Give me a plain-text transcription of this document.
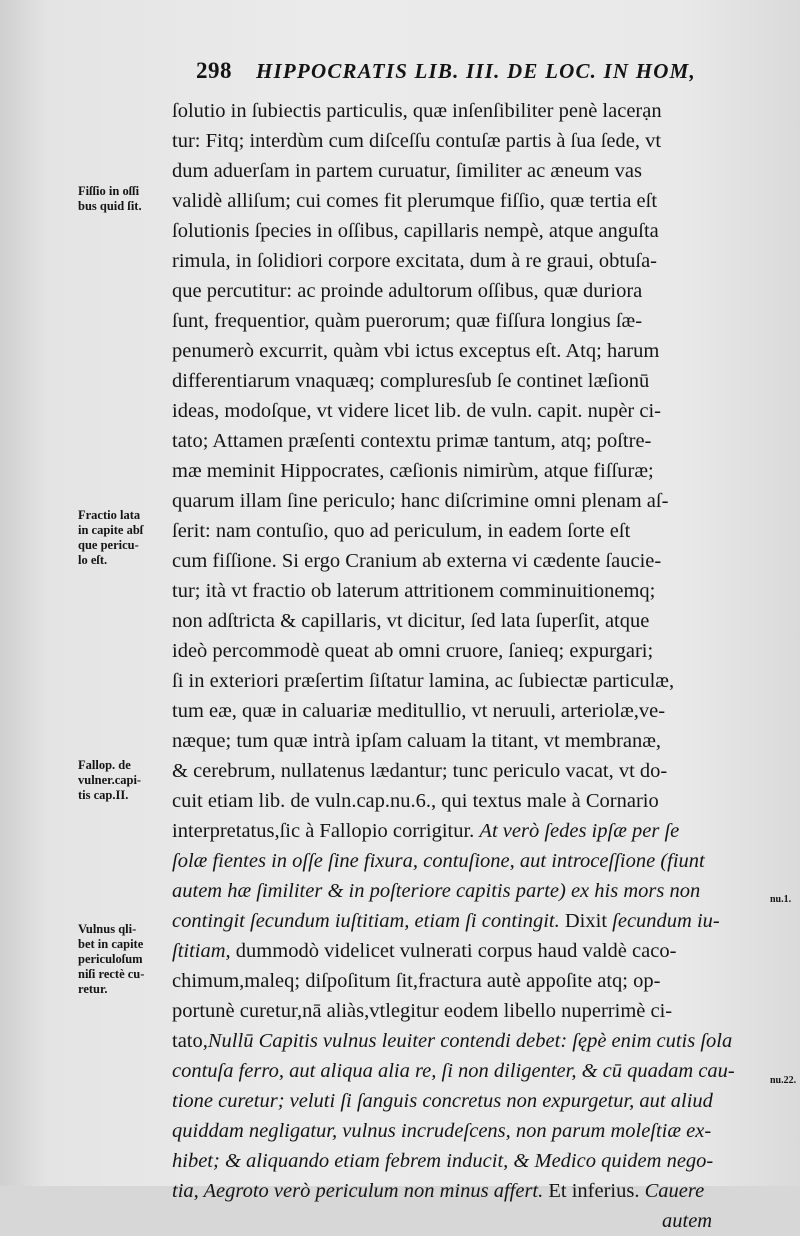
298 HIPPOCRATIS LIB. III. DE LOC. IN HOM,
ſolutio in ſubiectis particulis, quæ inſenſibiliter penè lacerạn
tur: Fitq; interdùm cum diſceſſu contuſæ partis à ſua ſede, vt
dum aduerſam in partem curuatur, ſimiliter ac æneum vas
validè alliſum; cui comes fit plerumque fiſſio, quæ tertia eſt
ſolutionis ſpecies in oſſibus, capillaris nempè, atque anguſta
rimula, in ſolidiori corpore excitata, dum à re graui, obtuſa-
que percutitur: ac proinde adultorum oſſibus, quæ duriora
ſunt, frequentior, quàm puerorum; quæ fiſſura longius ſæ-
penumerò excurrit, quàm vbi ictus exceptus eſt. Atq; harum
differentiarum vnaquæq; compluresſub ſe continet læſionū
ideas, modoſque, vt videre licet lib. de vuln. capit. nupèr ci-
tato; Attamen præſenti contextu primæ tantum, atq; poſtre-
mæ meminit Hippocrates, cæſionis nimirùm, atque fiſſuræ;
quarum illam ſine periculo; hanc diſcrimine omni plenam aſ-
ſerit: nam contuſio, quo ad periculum, in eadem ſorte eſt
cum fiſſione. Si ergo Cranium ab externa vi cædente ſaucie-
tur; ità vt fractio ob laterum attritionem comminuitionemq;
non adſtricta & capillaris, vt dicitur, ſed lata ſuperſit, atque
ideò percommodè queat ab omni cruore, ſanieq; expurgari;
ſi in exteriori præſertim ſiſtatur lamina, ac ſubiectæ particulæ,
tum eæ, quæ in caluariæ meditullio, vt neruuli, arteriolæ,ve-
næque; tum quæ intrà ipſam caluam la titant, vt membranæ,
& cerebrum, nullatenus lædantur; tunc periculo vacat, vt do-
cuit etiam lib. de vuln.cap.nu.6., qui textus male à Cornario
interpretatus,ſic à Fallopio corrigitur. At verò ſedes ipſæ per ſe
ſolæ fientes in oſſe ſine fixura, contuſione, aut introceſſione (fiunt
autem hæ ſimiliter & in poſteriore capitis parte) ex his mors non
contingit ſecundum iuſtitiam, etiam ſi contingit. Dixit ſecundum iu-
ſtitiam, dummodò videlicet vulnerati corpus haud valdè caco-
chimum,maleq; diſpoſitum ſit,fractura autè appoſite atq; op-
portunè curetur,nā aliàs,vtlegitur eodem libello nuperrimè ci-
tato,Nullū Capitis vulnus leuiter contendi debet: ſępè enim cutis ſola
contuſa ferro, aut aliqua alia re, ſi non diligenter, & cū quadam cau-
tione curetur; veluti ſi ſanguis concretus non expurgetur, aut aliud
quiddam negligatur, vulnus incrudeſcens, non parum moleſtiæ ex-
hibet; & aliquando etiam febrem inducit, & Medico quidem nego-
tia, Aegroto verò periculum non minus affert. Et inferius. Cauere
autem
Fiſſio in oſſi
bus quid ſit.
Fractio lata
in capite abſ
que pericu-
lo eſt.
Fallop. de
vulner.capi-
tis cap.II.
Vulnus qli-
bet in capite
periculoſum
niſi rectè cu-
retur.
nu.1.
nu.22.
